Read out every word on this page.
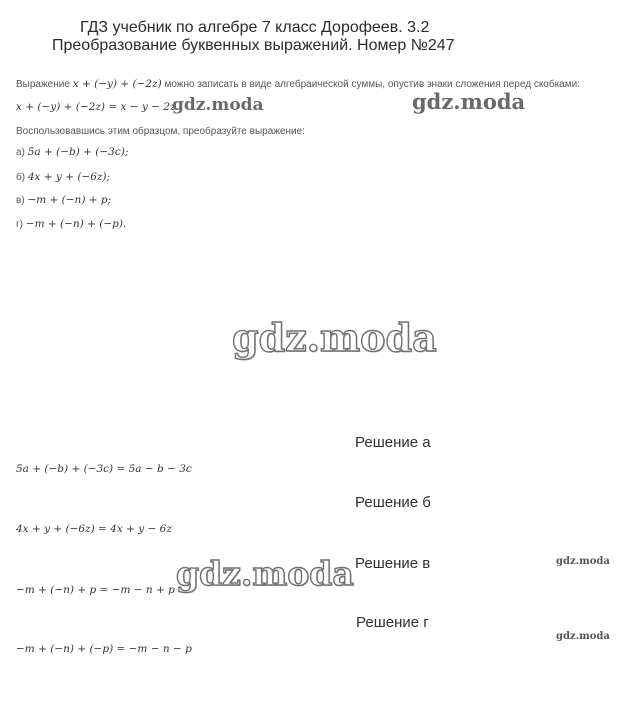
ГДЗ учебник по алгебре 7 класс Дорофеев. 3.2
Преобразование буквенных выражений. Номер №247
Выражение x + (−y) + (−2z) можно записать в виде алгебраической суммы, опустив знаки сложения перед скобками:
x + (−y) + (−2z) = x − y − 2z.
Воспользовавшись этим образцом, преобразуйте выражение:
а) 5a + (−b) + (−3c);
б) 4x + y + (−6z);
в) −m + (−n) + p;
г) −m + (−n) + (−p).
gdz.moda	gdz.moda
gdz.moda
gdz.moda	gdz.moda
gdz.moda
Решение а
5a + (−b) + (−3c) = 5a − b − 3c
Решение б
4x + y + (−6z) = 4x + y − 6z
Решение в
−m + (−n) + p = −m − n + p
Решение г
−m + (−n) + (−p) = −m − n − p
